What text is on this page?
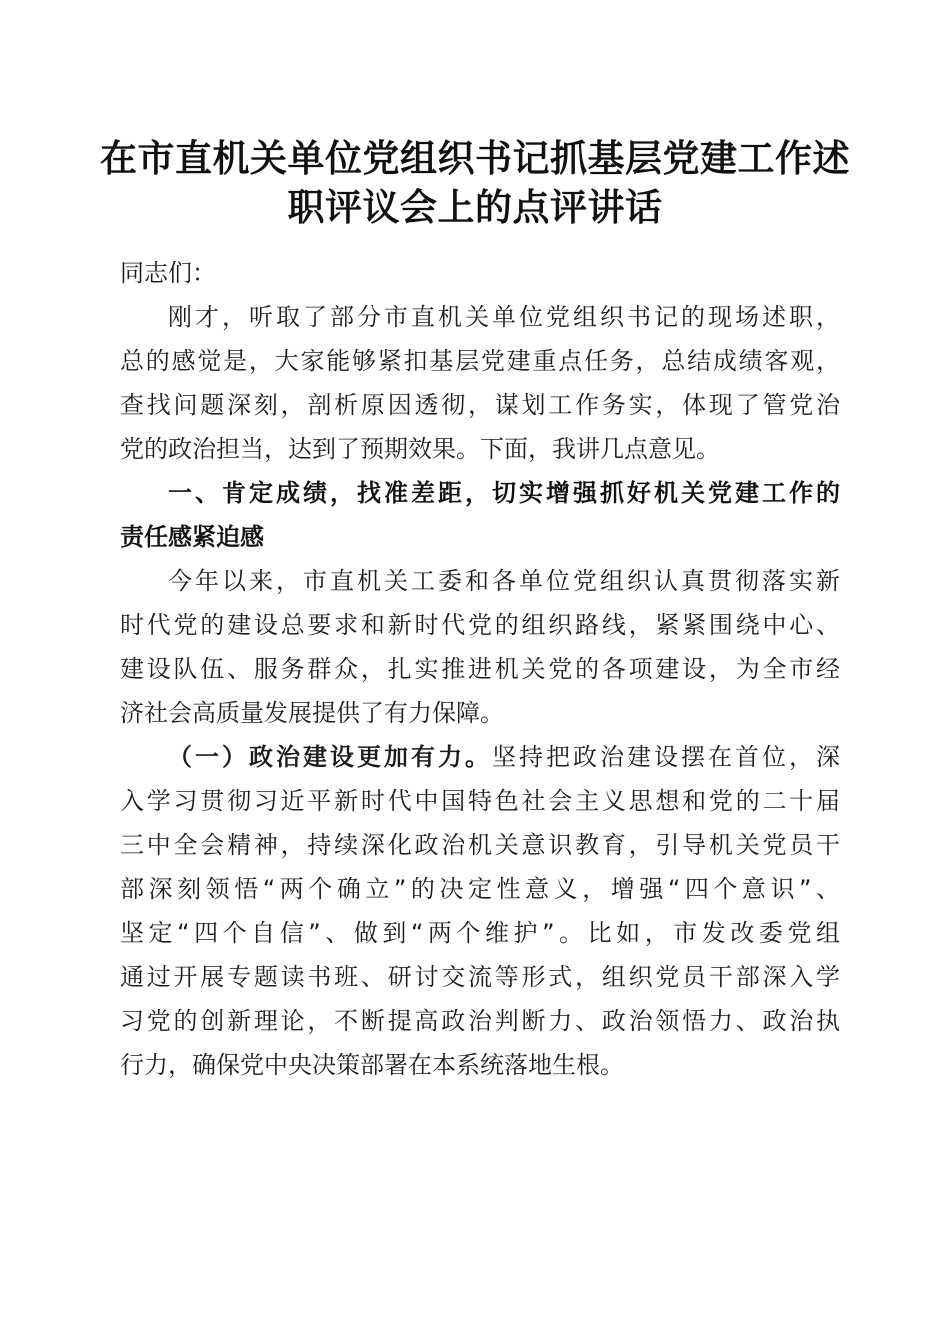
在市直机关单位党组织书记抓基层党建工作述
职评议会上的点评讲话
同志们：
刚才，听取了部分市直机关单位党组织书记的现场述职，
总的感觉是，大家能够紧扣基层党建重点任务，总结成绩客观，
查找问题深刻，剖析原因透彻，谋划工作务实，体现了管党治
党的政治担当，达到了预期效果。下面，我讲几点意见。
一、肯定成绩，找准差距，切实增强抓好机关党建工作的
责任感紧迫感
今年以来，市直机关工委和各单位党组织认真贯彻落实新
时代党的建设总要求和新时代党的组织路线，紧紧围绕中心、
建设队伍、服务群众，扎实推进机关党的各项建设，为全市经
济社会高质量发展提供了有力保障。
（一）政治建设更加有力。坚持把政治建设摆在首位，深
入学习贯彻习近平新时代中国特色社会主义思想和党的二十届
三中全会精神，持续深化政治机关意识教育，引导机关党员干
部深刻领悟“两个确立”的决定性意义，增强“四个意识”、
坚定“四个自信”、做到“两个维护”。比如，市发改委党组
通过开展专题读书班、研讨交流等形式，组织党员干部深入学
习党的创新理论，不断提高政治判断力、政治领悟力、政治执
行力，确保党中央决策部署在本系统落地生根。
